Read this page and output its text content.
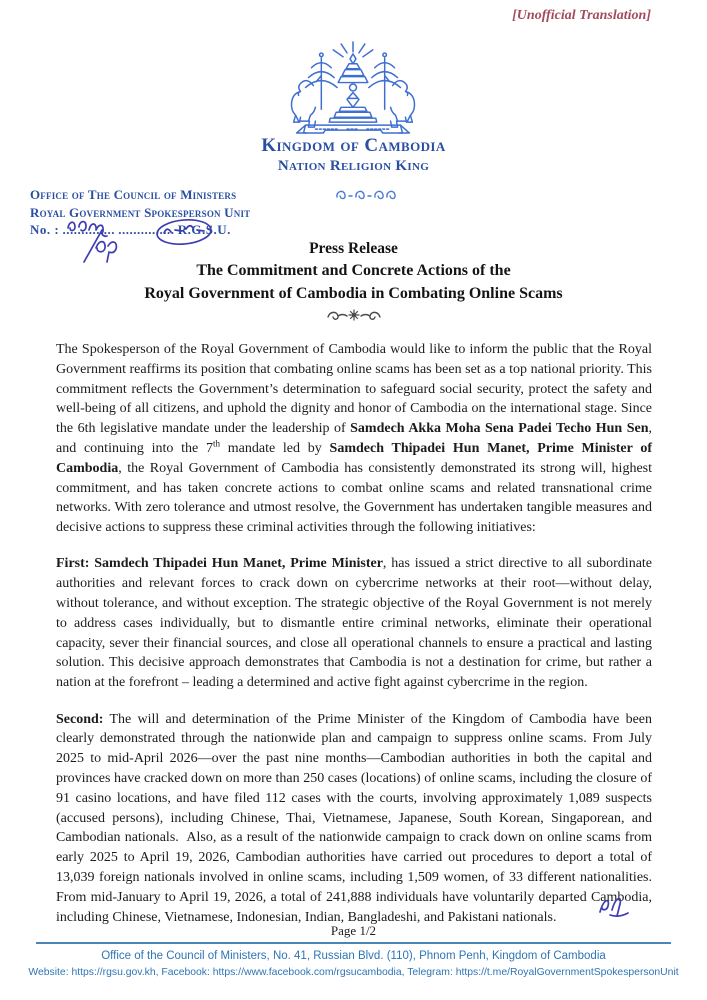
[Unofficial Translation]
Kingdom of Cambodia
Nation Religion King
Office of The Council of Ministers
Royal Government Spokesperson Unit
No. : .............. ............... R.G.S.U.
Press Release
The Commitment and Concrete Actions of the
Royal Government of Cambodia in Combating Online Scams

The Spokesperson of the Royal Government of Cambodia would like to inform the public that the Royal Government reaffirms its position that combating online scams has been set as a top national priority. This commitment reflects the Government’s determination to safeguard social security, protect the safety and well-being of all citizens, and uphold the dignity and honor of Cambodia on the international stage. Since the 6th legislative mandate under the leadership of Samdech Akka Moha Sena Padei Techo Hun Sen, and continuing into the 7th mandate led by Samdech Thipadei Hun Manet, Prime Minister of Cambodia, the Royal Government of Cambodia has consistently demonstrated its strong will, highest commitment, and has taken concrete actions to combat online scams and related transnational crime networks. With zero tolerance and utmost resolve, the Government has undertaken tangible measures and decisive actions to suppress these criminal activities through the following initiatives:

First: Samdech Thipadei Hun Manet, Prime Minister, has issued a strict directive to all subordinate authorities and relevant forces to crack down on cybercrime networks at their root—without delay, without tolerance, and without exception. The strategic objective of the Royal Government is not merely to address cases individually, but to dismantle entire criminal networks, eliminate their operational capacity, sever their financial sources, and close all operational channels to ensure a practical and lasting solution. This decisive approach demonstrates that Cambodia is not a destination for crime, but rather a nation at the forefront – leading a determined and active fight against cybercrime in the region.

Second: The will and determination of the Prime Minister of the Kingdom of Cambodia have been clearly demonstrated through the nationwide plan and campaign to suppress online scams. From July 2025 to mid-April 2026—over the past nine months—Cambodian authorities in both the capital and provinces have cracked down on more than 250 cases (locations) of online scams, including the closure of 91 casino locations, and have filed 112 cases with the courts, involving approximately 1,089 suspects (accused persons), including Chinese, Thai, Vietnamese, Japanese, South Korean, Singaporean, and Cambodian nationals.  Also, as a result of the nationwide campaign to crack down on online scams from early 2025 to April 19, 2026, Cambodian authorities have carried out procedures to deport a total of 13,039 foreign nationals involved in online scams, including 1,509 women, of 33 different nationalities. From mid-January to April 19, 2026, a total of 241,888 individuals have voluntarily departed Cambodia, including Chinese, Vietnamese, Indonesian, Indian, Bangladeshi, and Pakistani nationals.

Page 1/2
Office of the Council of Ministers, No. 41, Russian Blvd. (110), Phnom Penh, Kingdom of Cambodia
Website: https://rgsu.gov.kh, Facebook: https://www.facebook.com/rgsucambodia, Telegram: https://t.me/RoyalGovernmentSpokespersonUnit
